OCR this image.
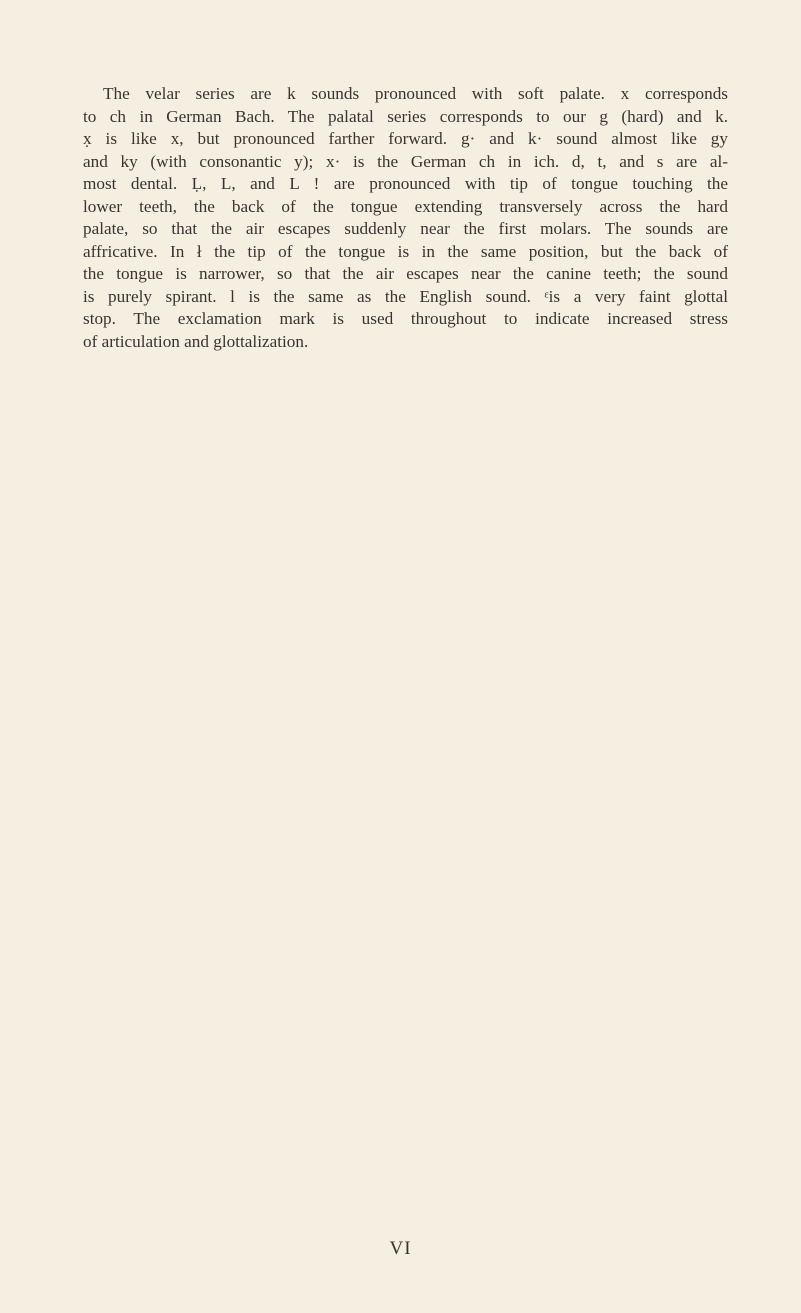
The velar series are k sounds pronounced with soft palate. x corresponds
to ch in German Bach. The palatal series corresponds to our g (hard) and k.
x̣ is like x, but pronounced farther forward. g· and k· sound almost like gy
and ky (with consonantic y); x· is the German ch in ich. d, t, and s are al-
most dental. Ḷ, L, and L ! are pronounced with tip of tongue touching the
lower teeth, the back of the tongue extending transversely across the hard
palate, so that the air escapes suddenly near the first molars. The sounds are
affricative. In ł the tip of the tongue is in the same position, but the back of
the tongue is narrower, so that the air escapes near the canine teeth; the sound
is purely spirant. l is the same as the English sound. ᵋis a very faint glottal
stop. The exclamation mark is used throughout to indicate increased stress
of articulation and glottalization.
VI
